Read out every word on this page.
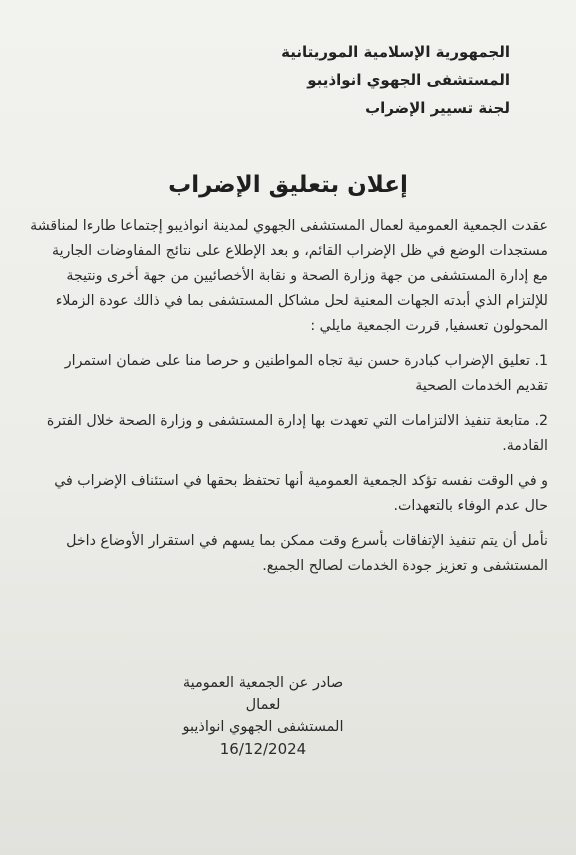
الجمهورية الإسلامية الموريتانية
المستشفى الجهوي انواذيبو
لجنة تسيير الإضراب
إعلان بتعليق الإضراب

عقدت الجمعية العمومية لعمال المستشفى الجهوي لمدينة انواذيبو إجتماعا طارءا لمناقشة

مستجدات الوضع في ظل الإضراب القائم، و بعد الإطلاع على نتائج المفاوضات الجارية

مع إدارة المستشفى من جهة وزارة الصحة و نقابة الأخصائيين من جهة أخرى ونتيجة

للإلتزام الذي أبدته الجهات المعنية لحل مشاكل المستشفى بما في ذالك عودة الزملاء

المحولون تعسفيا, قررت الجمعية مايلي :

1. تعليق الإضراب كبادرة حسن نية تجاه المواطنين و حرصا منا على ضمان استمرار

تقديم الخدمات الصحية

2. متابعة تنفيذ الالتزامات التي تعهدت بها إدارة المستشفى و وزارة الصحة خلال الفترة

القادمة.

و في الوقت نفسه تؤكد الجمعية العمومية أنها تحتفظ بحقها في استئناف الإضراب في

حال عدم الوفاء بالتعهدات.

نأمل أن يتم تنفيذ الإتفاقات بأسرع وقت ممكن بما يسهم في استقرار الأوضاع داخل

المستشفى و تعزيز جودة الخدمات لصالح الجميع.

صادر عن الجمعية العمومية لعمال
المستشفى الجهوي انواذيبو
16/12/2024
